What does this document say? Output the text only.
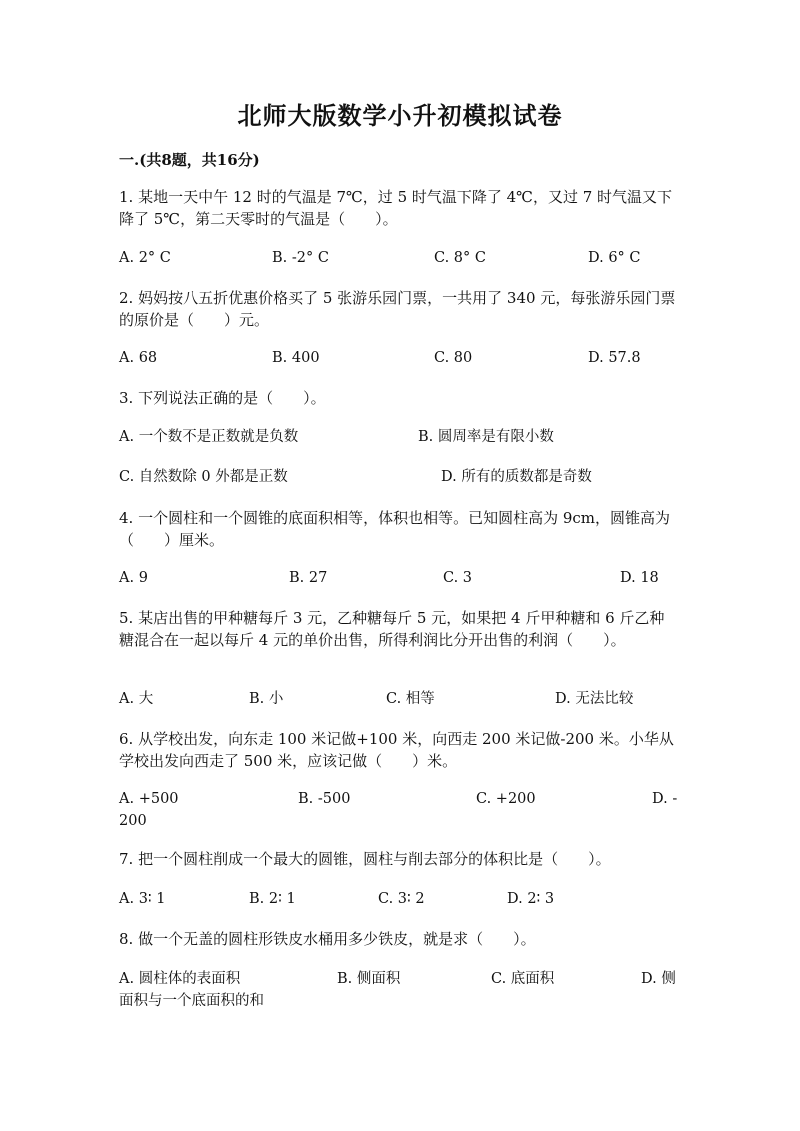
北师大版数学小升初模拟试卷
一.(共8题，共16分)
1. 某地一天中午 12 时的气温是 7℃，过 5 时气温下降了 4℃，又过 7 时气温又下降了 5℃，第二天零时的气温是（　　）。
A. 2° C	B. -2° C	C. 8° C	D. 6° C
2. 妈妈按八五折优惠价格买了 5 张游乐园门票，一共用了 340 元，每张游乐园门票的原价是（　　）元。
A. 68	B. 400	C. 80	D. 57.8
3. 下列说法正确的是（　　）。
A. 一个数不是正数就是负数	B. 圆周率是有限小数
C. 自然数除 0 外都是正数	D. 所有的质数都是奇数
4. 一个圆柱和一个圆锥的底面积相等，体积也相等。已知圆柱高为 9cm，圆锥高为（　　）厘米。
A. 9	B. 27	C. 3	D. 18
5. 某店出售的甲种糖每斤 3 元，乙种糖每斤 5 元，如果把 4 斤甲种糖和 6 斤乙种糖混合在一起以每斤 4 元的单价出售，所得利润比分开出售的利润（　　）。
A. 大	B. 小	C. 相等	D. 无法比较
6. 从学校出发，向东走 100 米记做+100 米，向西走 200 米记做-200 米。小华从学校出发向西走了 500 米，应该记做（　　）米。
A. +500	B. -500	C. +200	D. -
200
7. 把一个圆柱削成一个最大的圆锥，圆柱与削去部分的体积比是（　　）。
A. 3∶ 1	B. 2∶ 1	C. 3∶ 2	D. 2∶ 3
8. 做一个无盖的圆柱形铁皮水桶用多少铁皮，就是求（　　）。
A. 圆柱体的表面积	B. 侧面积	C. 底面积	D. 侧
面积与一个底面积的和
